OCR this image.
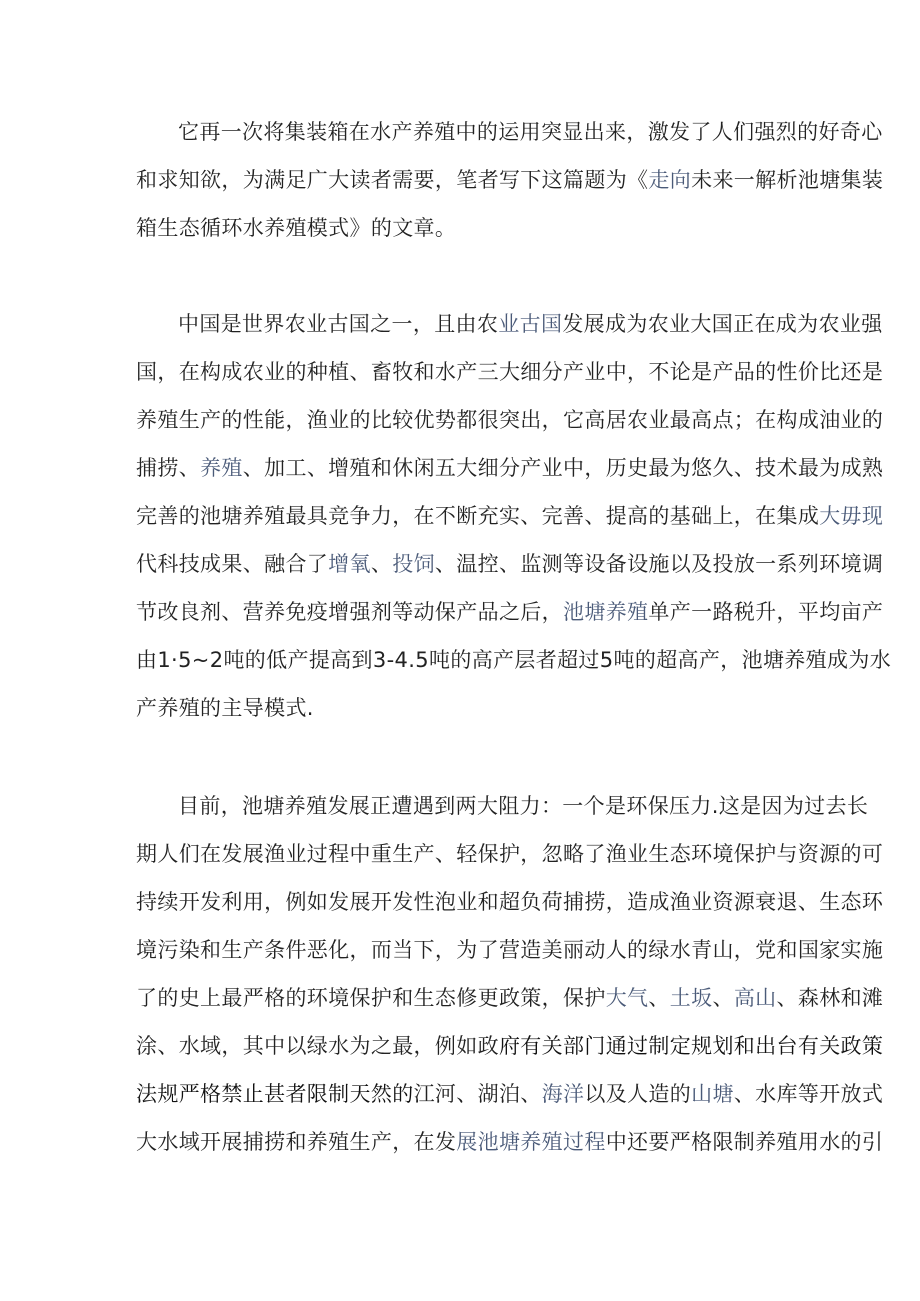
它再一次将集装箱在水产养殖中的运用突显出来，激发了人们强烈的好奇心
和求知欲，为满足广大读者需要，笔者写下这篇题为《走向未来一解析池塘集装
箱生态循环水养殖模式》的文章。
中国是世界农业古国之一，且由农业古国发展成为农业大国正在成为农业强
国，在构成农业的种植、畜牧和水产三大细分产业中，不论是产品的性价比还是
养殖生产的性能，渔业的比较优势都很突出，它高居农业最高点；在构成油业的
捕捞、养殖、加工、增殖和休闲五大细分产业中，历史最为悠久、技术最为成熟
完善的池塘养殖最具竞争力，在不断充实、完善、提高的基础上，在集成大毋现
代科技成果、融合了增氧、投饲、温控、监测等设备设施以及投放一系列环境调
节改良剂、营养免疫增强剂等动保产品之后，池塘养殖单产一路税升，平均亩产
由1·5~2吨的低产提高到3-4.5吨的高产层者超过5吨的超高产，池塘养殖成为水
产养殖的主导模式.
目前，池塘养殖发展正遭遇到两大阻力：一个是环保压力.这是因为过去长
期人们在发展渔业过程中重生产、轻保护，忽略了渔业生态环境保护与资源的可
持续开发利用，例如发展开发性泡业和超负荷捕捞，造成渔业资源衰退、生态环
境污染和生产条件恶化，而当下，为了营造美丽动人的绿水青山，党和国家实施
了的史上最严格的环境保护和生态修更政策，保护大气、土坂、高山、森林和滩
涂、水域，其中以绿水为之最，例如政府有关部门通过制定规划和出台有关政策
法规严格禁止甚者限制天然的江河、湖泊、海洋以及人造的山塘、水库等开放式
大水域开展捕捞和养殖生产，在发展池塘养殖过程中还要严格限制养殖用水的引
